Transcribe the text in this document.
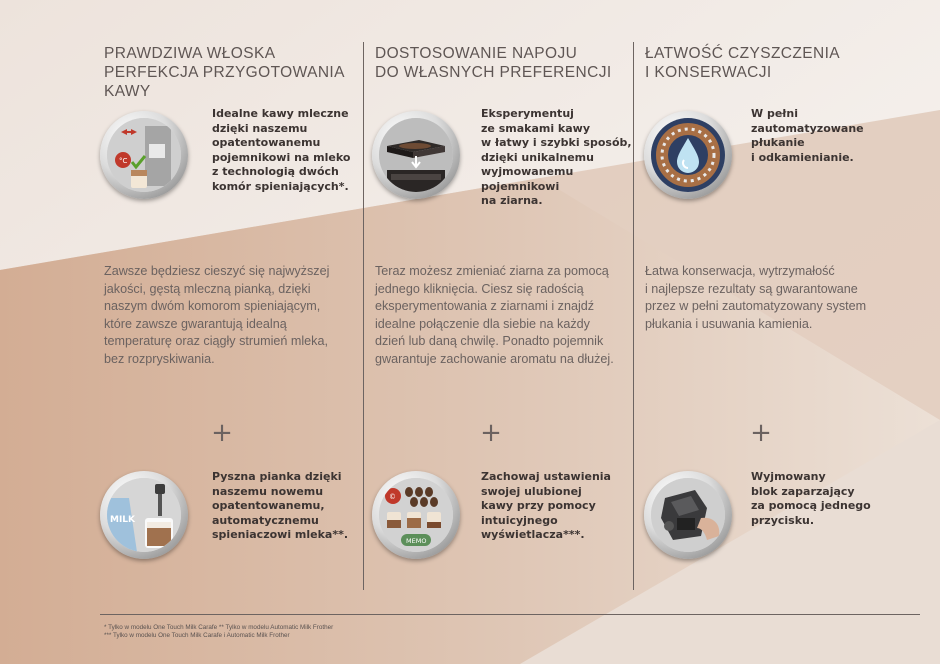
PRAWDZIWA WŁOSKA
PERFEKCJA PRZYGOTOWANIA
KAWY
°C
Idealne kawy mleczne
dzięki naszemu
opatentowanemu
pojemnikowi na mleko
z technologią dwóch
komór spieniających*.
Zawsze będziesz cieszyć się najwyższej
jakości, gęstą mleczną pianką, dzięki
naszym dwóm komorom spieniającym,
które zawsze gwarantują idealną
temperaturę oraz ciągły strumień mleka,
bez rozpryskiwania.
+
MILK
Pyszna pianka dzięki
naszemu nowemu
opatentowanemu,
automatycznemu
spieniaczowi mleka**.
DOSTOSOWANIE NAPOJU
DO WŁASNYCH PREFERENCJI
Eksperymentuj
ze smakami kawy
w łatwy i szybki sposób,
dzięki unikalnemu
wyjmowanemu
pojemnikowi
na ziarna.
Teraz możesz zmieniać ziarna za pomocą
jednego kliknięcia. Ciesz się radością
eksperymentowania z ziarnami i znajdź
idealne połączenie dla siebie na każdy
dzień lub daną chwilę. Ponadto pojemnik
gwarantuje zachowanie aromatu na dłużej.
+
©
MEMO
Zachowaj ustawienia
swojej ulubionej
kawy przy pomocy
intuicyjnego
wyświetlacza***.
ŁATWOŚĆ CZYSZCZENIA
I KONSERWACJI
W pełni
zautomatyzowane
płukanie
i odkamienianie.
Łatwa konserwacja, wytrzymałość
i najlepsze rezultaty są gwarantowane
przez w pełni zautomatyzowany system
płukania i usuwania kamienia.
+
Wyjmowany
blok zaparzający
za pomocą jednego
przycisku.
* Tylko w modelu One Touch Milk Carafe ** Tylko w modelu Automatic Milk Frother
*** Tylko w modelu One Touch Milk Carafe i Automatic Milk Frother
